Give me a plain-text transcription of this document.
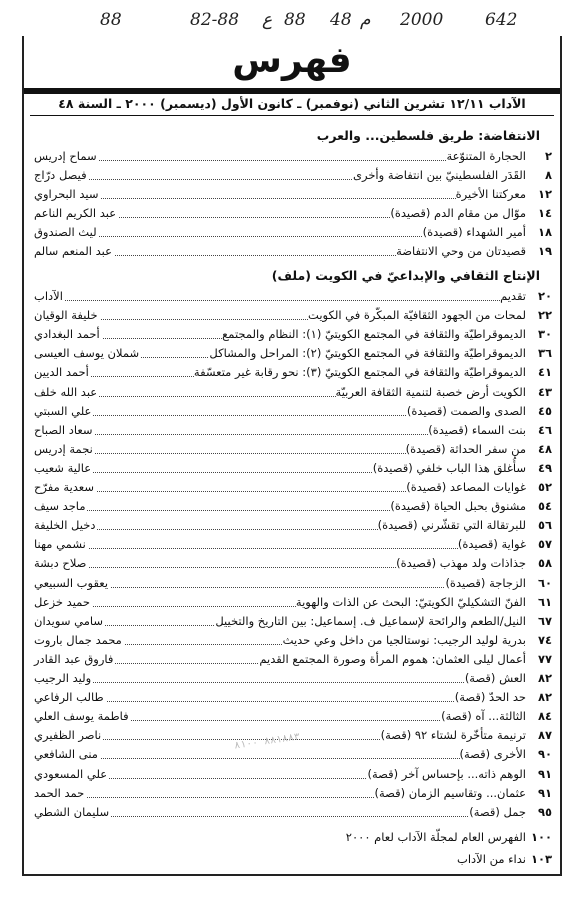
88	82-88 ع 88 48 م 2000 642
فهرس
الآداب ١٢/١١ تشرين الثاني (نوفمبر) ـ كانون الأول (ديسمبر) ٢٠٠٠ ـ السنة ٤٨
الانتفاضة: طريق فلسطين... والعرب
الإنتاج الثقافي والإبداعيّ في الكويت (ملف)
٢
الحجارة المتنوّعة
سماح إدريس
٨
القَدَر الفلسطينيّ بين انتفاضة وأخرى
فيصل درّاج
١٢
معركتنا الأخيرة
سيد البحراوي
١٤
موّال من مقام الدم (قصيدة)
عبد الكريم الناعم
١٨
أمير الشهداء (قصيدة)
ليث الصندوق
١٩
قصيدتان من وحي الانتفاضة
عبد المنعم سالم
٢٠
تقديم
الآداب
٢٢
لمحات من الجهود الثقافيّة المبكّرة في الكويت
خليفة الوقيان
٣٠
الديموقراطيّة والثقافة في المجتمع الكويتيّ (١): النظام والمجتمع
أحمد البغدادي
٣٦
الديموقراطيّة والثقافة في المجتمع الكويتيّ (٢): المراحل والمشاكل
شملان يوسف العيسى
٤١
الديموقراطيّة والثقافة في المجتمع الكويتيّ (٣): نحو رقابة غير متعسّفة
أحمد الديين
٤٣
الكويت أرض خصبة لتنمية الثقافة العربيّة
عبد الله خلف
٤٥
الصدى والصمت (قصيدة)
علي السبتي
٤٦
بنت السماء (قصيدة)
سعاد الصباح
٤٨
من سفر الحداثة (قصيدة)
نجمة إدريس
٤٩
سأُغلق هذا الباب خلفي (قصيدة)
عالية شعيب
٥٢
غوايات المصاعد (قصيدة)
سعدية مفرّح
٥٤
مشنوق بحبل الحياة (قصيدة)
ماجد سيف
٥٦
للبرتقالة التي تقشّرني (قصيدة)
دخيل الخليفة
٥٧
غواية (قصيدة)
نشمي مهنا
٥٨
جذاذات ولد مهذب (قصيدة)
صلاح دبشة
٦٠
الزجاجة (قصيدة)
يعقوب السبيعي
٦١
الفنّ التشكيليّ الكويتيّ: البحث عن الذات والهوية
حميد خزعل
٦٧
النيل/الطعم والرائحة لإسماعيل ف. إسماعيل: بين التاريخ والتخييل
سامي سويدان
٧٤
بدرية لوليد الرجيب: نوستالجيا من داخل وعي حديث
محمد جمال باروت
٧٧
أعمال ليلى العثمان: هموم المرأة وصورة المجتمع القديم
فاروق عبد القادر
٨٢
العش (قصة)
وليد الرجيب
٨٢
حد الحدّ (قصة)
طالب الرفاعي
٨٤
الثالثة... آه (قصة)
فاطمة يوسف العلي
٨٧
ترنيمة متأخّرة لشتاء ٩٢ (قصة)
ناصر الظفيري
٩٠
الأخرى (قصة)
منى الشافعي
٩١
الوهم ذاته... بإحساس آخر (قصة)
علي المسعودي
٩١
عثمان... وتقاسيم الزمان (قصة)
حمد الحمد
٩٥
جمل (قصة)
سليمان الشطي
١٠٠
الفهرس العام لمجلّة الآداب لعام ٢٠٠٠
١٠٣
نداء من الآداب
٨٨١٨٨٣ ٨١٠٠
